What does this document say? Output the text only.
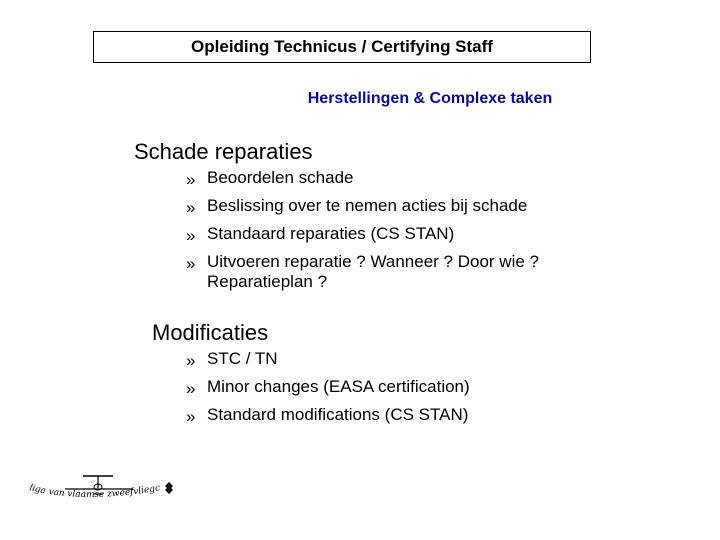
Opleiding Technicus / Certifying Staff
Herstellingen & Complexe taken
Schade reparaties
» Beoordelen schade
» Beslissing over te nemen acties bij schade
» Standaard reparaties (CS STAN)
» Uitvoeren reparatie ? Wanneer ? Door wie ?
Reparatieplan ?
Modificaties
» STC / TN
» Minor changes (EASA certification)
» Standard modifications (CS STAN)
liga van vlaamse zweefvliegc
